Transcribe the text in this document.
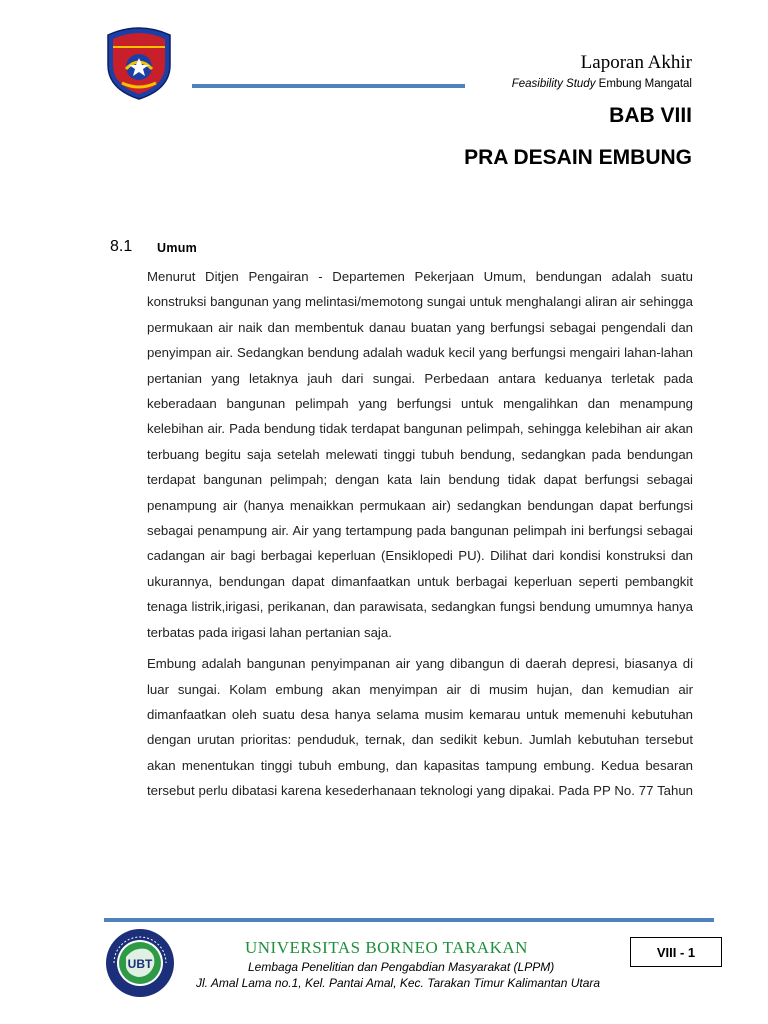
Laporan Akhir
Feasibility Study Embung Mangatal
BAB VIII
PRA DESAIN EMBUNG
8.1 Umum

Menurut Ditjen Pengairan - Departemen Pekerjaan Umum, bendungan adalah suatu konstruksi bangunan yang melintasi/memotong sungai untuk menghalangi aliran air sehingga permukaan air naik dan membentuk danau buatan yang berfungsi sebagai pengendali dan penyimpan air. Sedangkan bendung adalah waduk kecil yang berfungsi mengairi lahan-lahan pertanian yang letaknya jauh dari sungai. Perbedaan antara keduanya terletak pada keberadaan bangunan pelimpah yang berfungsi untuk mengalihkan dan menampung kelebihan air. Pada bendung tidak terdapat bangunan pelimpah, sehingga kelebihan air akan terbuang begitu saja setelah melewati tinggi tubuh bendung, sedangkan pada bendungan terdapat bangunan pelimpah; dengan kata lain bendung tidak dapat berfungsi sebagai penampung air (hanya menaikkan permukaan air) sedangkan bendungan dapat berfungsi sebagai penampung air. Air yang tertampung pada bangunan pelimpah ini berfungsi sebagai cadangan air bagi berbagai keperluan (Ensiklopedi PU). Dilihat dari kondisi konstruksi dan ukurannya, bendungan dapat dimanfaatkan untuk berbagai keperluan seperti pembangkit tenaga listrik,irigasi, perikanan, dan parawisata, sedangkan fungsi bendung umumnya hanya terbatas pada irigasi lahan pertanian saja.

Embung adalah bangunan penyimpanan air yang dibangun di daerah depresi, biasanya di luar sungai. Kolam embung akan menyimpan air di musim hujan, dan kemudian air dimanfaatkan oleh suatu desa hanya selama musim kemarau untuk memenuhi kebutuhan dengan urutan prioritas: penduduk, ternak, dan sedikit kebun. Jumlah kebutuhan tersebut akan menentukan tinggi tubuh embung, dan kapasitas tampung embung. Kedua besaran tersebut perlu dibatasi karena kesederhanaan teknologi yang dipakai. Pada PP No. 77 Tahun

UBT
UNIVERSITAS BORNEO TARAKAN
Lembaga Penelitian dan Pengabdian Masyarakat (LPPM)
Jl. Amal Lama no.1, Kel. Pantai Amal, Kec. Tarakan Timur Kalimantan Utara
VIII - 1
